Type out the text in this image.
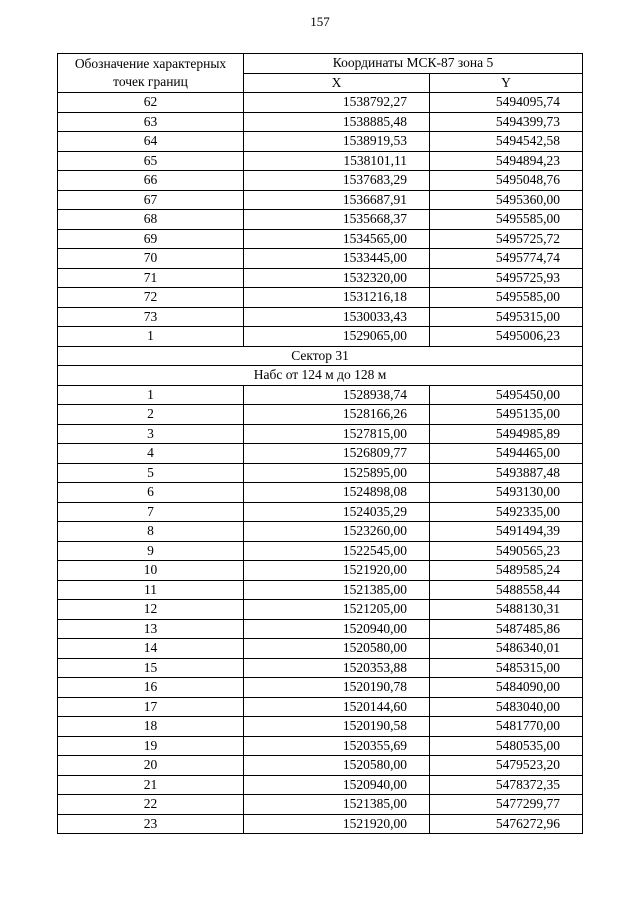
157
Обозначение характерных точек границ	Координаты МСК-87 зона 5	
	X	Y
62	1538792,27	5494095,74
63	1538885,48	5494399,73
64	1538919,53	5494542,58
65	1538101,11	5494894,23
66	1537683,29	5495048,76
67	1536687,91	5495360,00
68	1535668,37	5495585,00
69	1534565,00	5495725,72
70	1533445,00	5495774,74
71	1532320,00	5495725,93
72	1531216,18	5495585,00
73	1530033,43	5495315,00
1	1529065,00	5495006,23
Сектор 31		
Набс от 124 м до 128 м		
1	1528938,74	5495450,00
2	1528166,26	5495135,00
3	1527815,00	5494985,89
4	1526809,77	5494465,00
5	1525895,00	5493887,48
6	1524898,08	5493130,00
7	1524035,29	5492335,00
8	1523260,00	5491494,39
9	1522545,00	5490565,23
10	1521920,00	5489585,24
11	1521385,00	5488558,44
12	1521205,00	5488130,31
13	1520940,00	5487485,86
14	1520580,00	5486340,01
15	1520353,88	5485315,00
16	1520190,78	5484090,00
17	1520144,60	5483040,00
18	1520190,58	5481770,00
19	1520355,69	5480535,00
20	1520580,00	5479523,20
21	1520940,00	5478372,35
22	1521385,00	5477299,77
23	1521920,00	5476272,96
